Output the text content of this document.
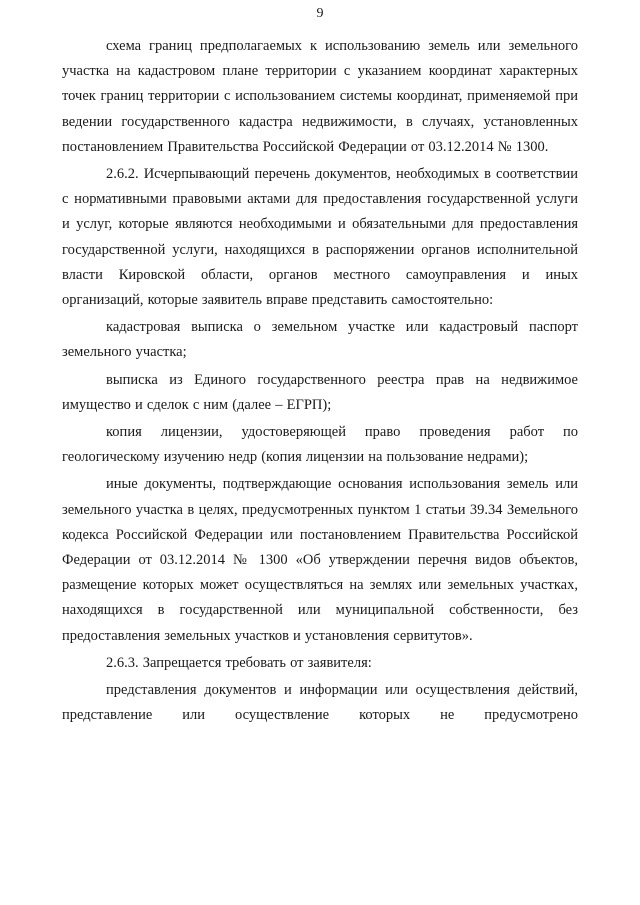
9

схема границ предполагаемых к использованию земель или земельного участка на кадастровом плане территории с указанием координат характерных точек границ территории с использованием системы координат, применяемой при ведении государственного кадастра недвижимости, в случаях, установленных постановлением Правительства Российской Федерации от 03.12.2014 № 1300.

2.6.2. Исчерпывающий перечень документов, необходимых в соответствии с нормативными правовыми актами для предоставления государственной услуги и услуг, которые являются необходимыми и обязательными для предоставления государственной услуги, находящихся в распоряжении органов исполнительной власти Кировской области, органов местного самоуправления и иных организаций, которые заявитель вправе представить самостоятельно:

кадастровая выписка о земельном участке или кадастровый паспорт земельного участка;

выписка из Единого государственного реестра прав на недвижимое имущество и сделок с ним (далее – ЕГРП);

копия лицензии, удостоверяющей право проведения работ по геологическому изучению недр (копия лицензии на пользование недрами);

иные документы, подтверждающие основания использования земель или земельного участка в целях, предусмотренных пунктом 1 статьи 39.34 Земельного кодекса Российской Федерации или постановлением Правительства Российской Федерации от 03.12.2014 № 1300 «Об утверждении перечня видов объектов, размещение которых может осуществляться на землях или земельных участках, находящихся в государственной или муниципальной собственности, без предоставления земельных участков и установления сервитутов».

2.6.3. Запрещается требовать от заявителя:

представления документов и информации или осуществления действий, представление или осуществление которых не предусмотрено
